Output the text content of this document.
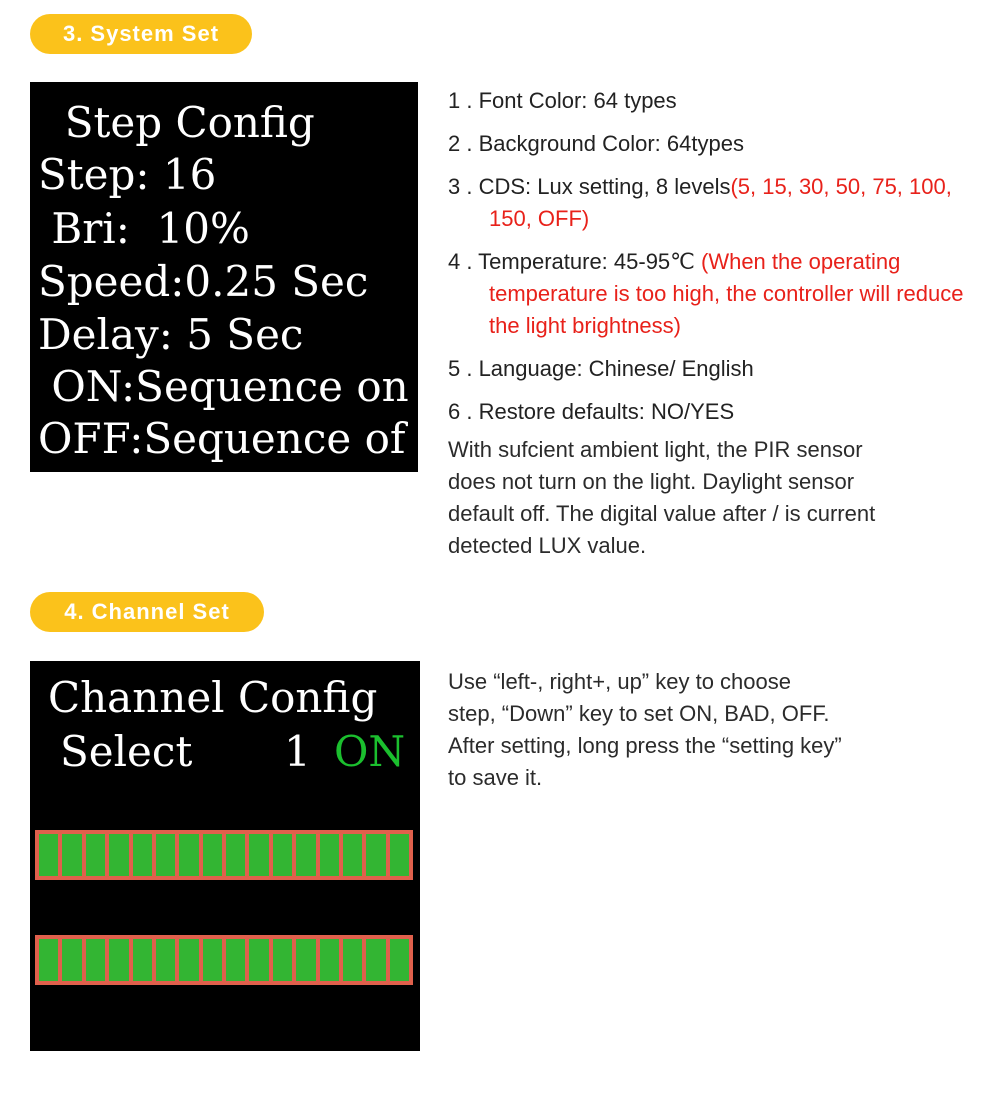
3. System Set

Step Config

Step: 16

Bri:  10%

Speed:0.25 Sec

Delay: 5 Sec

ON:Sequence on

OFF:Sequence of

1 . Font Color: 64 types
2 . Background Color: 64types
3 . CDS: Lux setting, 8 levels(5, 15, 30, 50, 75, 100, 150, OFF)
4 . Temperature: 45-95℃ (When the operating temperature is too high, the controller will reduce the light brightness)
5 . Language: Chinese/ English
6 . Restore defaults: NO/YES
With sufcient ambient light, the PIR sensor
does not turn on the light. Daylight sensor
default off. The digital value after / is current
detected LUX value.
4. Channel Set

Channel Config

Select

1

ON

Use “left-, right+, up” key to choose
step, “Down” key to set ON, BAD, OFF.
After setting, long press the “setting key”
to save it.
